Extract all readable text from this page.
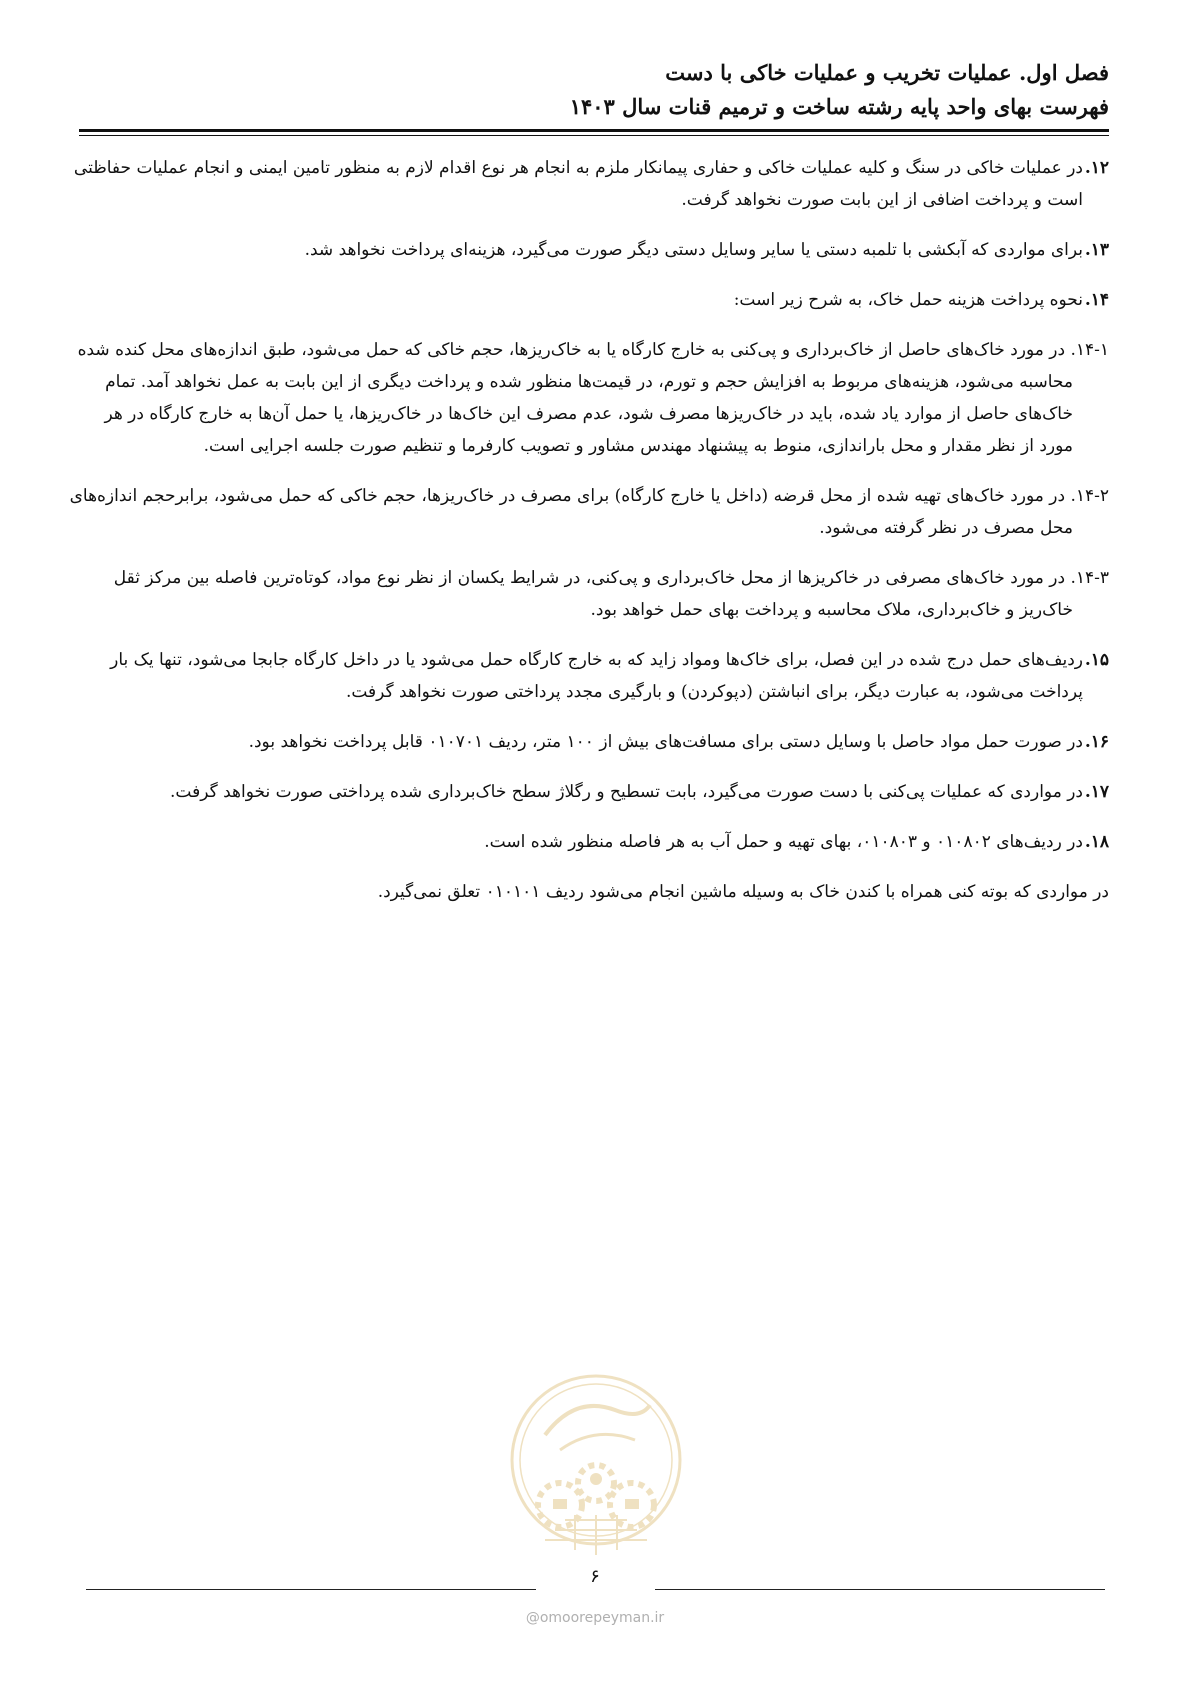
فصل اول. عملیات تخریب و عملیات خاکی با دست
فهرست بهای واحد پایه رشته ساخت و ترمیم قنات سال ۱۴۰۳
۱۲.
در عملیات خاکی در سنگ و کلیه عملیات خاکی و حفاری پیمانکار ملزم به انجام هر نوع اقدام لازم به منظور تامین ایمنی و انجام عملیات حفاظتی است و پرداخت اضافی از این بابت صورت نخواهد گرفت.
۱۳.
برای مواردی که آبکشی با تلمبه دستی یا سایر وسایل دستی دیگر صورت می‌گیرد، هزینه‌ای پرداخت نخواهد شد.
۱۴.
نحوه پرداخت هزینه حمل خاک، به شرح زیر است:
۱۴-۱. در مورد خاک‌های حاصل از خاک‌برداری و پی‌کنی به خارج کارگاه یا به خاک‌ریزها، حجم خاکی که حمل می‌شود، طبق اندازه‌های محل کنده شده محاسبه می‌شود، هزینه‌های مربوط به افزایش حجم و تورم، در قیمت‌ها منظور شده و پرداخت دیگری از این بابت به عمل نخواهد آمد. تمام خاک‌های حاصل از موارد یاد شده، باید در خاک‌ریزها مصرف شود، عدم مصرف این خاک‌ها در خاک‌ریزها، یا حمل آن‌ها به خارج کارگاه در هر مورد از نظر مقدار و محل باراندازی، منوط به پیشنهاد مهندس مشاور و تصویب کارفرما و تنظیم صورت جلسه اجرایی است.
۱۴-۲. در مورد خاک‌های تهیه شده از محل قرضه (داخل یا خارج کارگاه) برای مصرف در خاک‌ریزها، حجم خاکی که حمل می‌شود، برابرحجم اندازه‌های محل مصرف در نظر گرفته می‌شود.
۱۴-۳. در مورد خاک‌های مصرفی در خاکریزها از محل خاک‌برداری و پی‌کنی، در شرایط یکسان از نظر نوع مواد، کوتاه‌ترین فاصله بین مرکز ثقل خاک‌ریز و خاک‌برداری، ملاک محاسبه و پرداخت بهای حمل خواهد بود.
۱۵.
ردیف‌های حمل درج شده در این فصل، برای خاک‌ها ومواد زاید که به خارج کارگاه حمل می‌شود یا در داخل کارگاه جابجا می‌شود، تنها یک بار پرداخت می‌شود، به عبارت دیگر، برای انباشتن (دپوکردن) و بارگیری مجدد پرداختی صورت نخواهد گرفت.
۱۶.
در صورت حمل مواد حاصل با وسایل دستی برای مسافت‌های بیش از ۱۰۰ متر، ردیف ۰۱۰۷۰۱ قابل پرداخت نخواهد بود.
۱۷.
در مواردی که عملیات پی‌کنی با دست صورت می‌گیرد، بابت تسطیح و رگلاژ سطح خاک‌برداری شده پرداختی صورت نخواهد گرفت.
۱۸.
در ردیف‌های ۰۱۰۸۰۲ و ۰۱۰۸۰۳، بهای تهیه و حمل آب به هر فاصله منظور شده است.
در مواردی که بوته کنی همراه با کندن خاک به وسیله ماشین انجام می‌شود ردیف ۰۱۰۱۰۱ تعلق نمی‌گیرد.
۶
@omoorepeyman.ir
